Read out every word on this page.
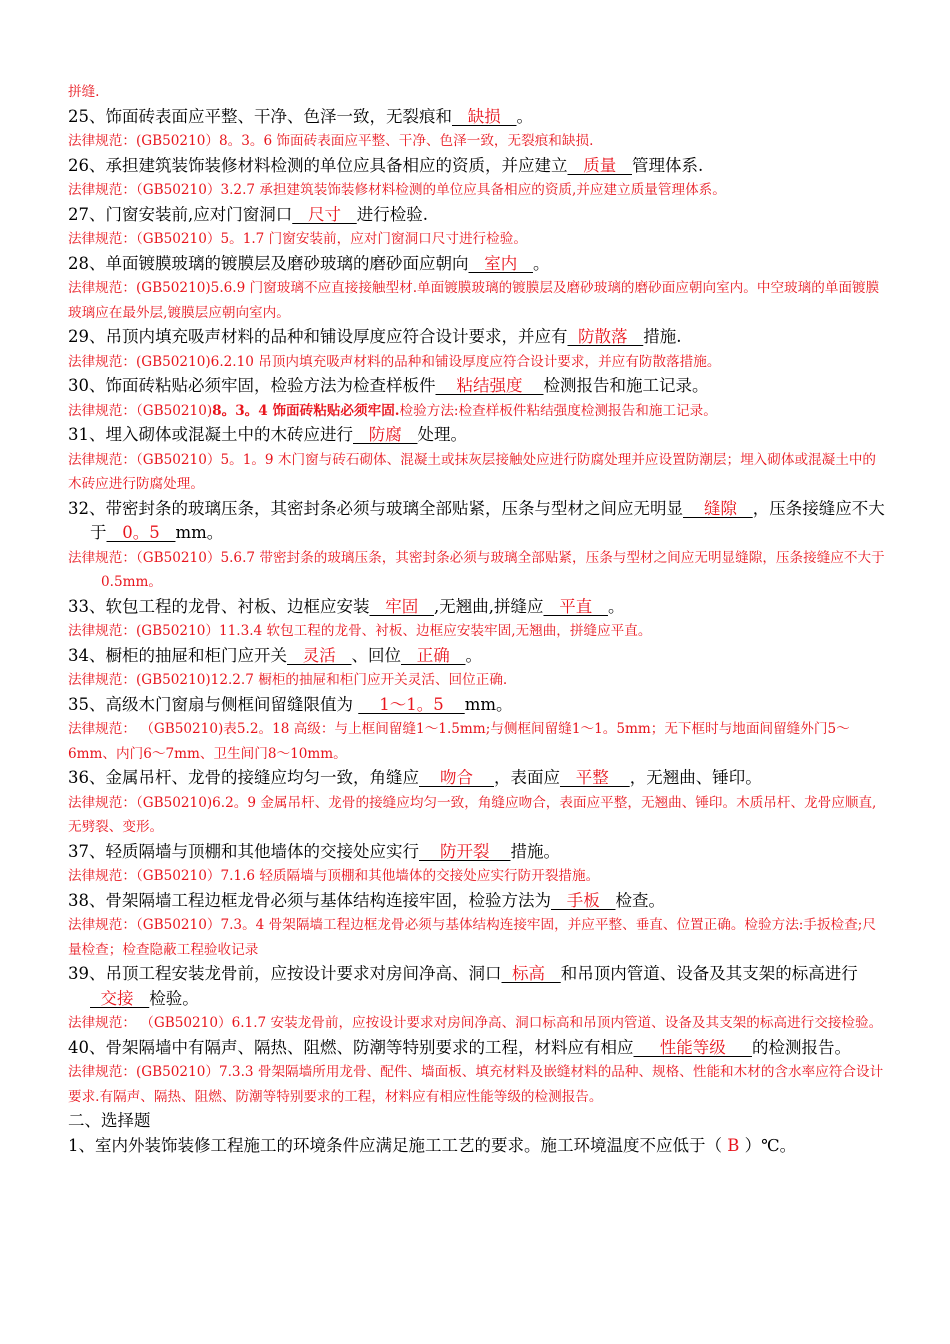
拼缝.

25、饰面砖表面应平整、干净、色泽一致，无裂痕和   缺损   。

法律规范：(GB50210）8。3。6 饰面砖表面应平整、干净、色泽一致，无裂痕和缺损.

26、承担建筑装饰装修材料检测的单位应具备相应的资质，并应建立   质量   管理体系.

法律规范：（GB50210）3.2.7 承担建筑装饰装修材料检测的单位应具备相应的资质,并应建立质量管理体系。

27、门窗安装前,应对门窗洞口   尺寸   进行检验.

法律规范：（GB50210）5。1.7 门窗安装前，应对门窗洞口尺寸进行检验。

28、单面镀膜玻璃的镀膜层及磨砂玻璃的磨砂面应朝向   室内   。

法律规范：(GB50210)5.6.9 门窗玻璃不应直接接触型材.单面镀膜玻璃的镀膜层及磨砂玻璃的磨砂面应朝向室内。中空玻璃的单面镀膜玻璃应在最外层,镀膜层应朝向室内。

29、吊顶内填充吸声材料的品种和铺设厚度应符合设计要求，并应有  防散落   措施.

法律规范：(GB50210)6.2.10 吊顶内填充吸声材料的品种和铺设厚度应符合设计要求，并应有防散落措施。

30、饰面砖粘贴必须牢固，检验方法为检查样板件    粘结强度    检测报告和施工记录。

法律规范：（GB50210)8。3。4 饰面砖粘贴必须牢固.检验方法:检查样板件粘结强度检测报告和施工记录。

31、埋入砌体或混凝土中的木砖应进行   防腐   处理。

法律规范：（GB50210）5。1。9 木门窗与砖石砌体、混凝土或抹灰层接触处应进行防腐处理并应设置防潮层；埋入砌体或混凝土中的木砖应进行防腐处理。

32、带密封条的玻璃压条，其密封条必须与玻璃全部贴紧，压条与型材之间应无明显    缝隙   ，压条接缝应不大于   0。5   mm。

法律规范：（GB50210）5.6.7 带密封条的玻璃压条，其密封条必须与玻璃全部贴紧，压条与型材之间应无明显缝隙，压条接缝应不大于0.5mm。

33、软包工程的龙骨、衬板、边框应安装   牢固   ,无翘曲,拼缝应   平直   。

法律规范：(GB50210）11.3.4 软包工程的龙骨、衬板、边框应安装牢固,无翘曲，拼缝应平直。

34、橱柜的抽屉和柜门应开关   灵活   、回位   正确   。

法律规范：(GB50210)12.2.7 橱柜的抽屉和柜门应开关灵活、回位正确.

35、高级木门窗扇与侧框间留缝限值为     1～1。5    mm。

法律规范： （GB50210)表5.2。18 高级：与上框间留缝1～1.5mm;与侧框间留缝1～1。5mm；无下框时与地面间留缝外门5～6mm、内门6～7mm、卫生间门8～10mm。

36、金属吊杆、龙骨的接缝应均匀一致，角缝应    吻合    ，表面应   平整    ，无翘曲、锤印。

法律规范：（GB50210)6.2。9 金属吊杆、龙骨的接缝应均匀一致，角缝应吻合，表面应平整，无翘曲、锤印。木质吊杆、龙骨应顺直,无劈裂、变形。

37、轻质隔墙与顶棚和其他墙体的交接处应实行    防开裂    措施。

法律规范：（GB50210）7.1.6 轻质隔墙与顶棚和其他墙体的交接处应实行防开裂措施。

38、骨架隔墙工程边框龙骨必须与基体结构连接牢固，检验方法为   手板   检查。

法律规范：（GB50210）7.3。4 骨架隔墙工程边框龙骨必须与基体结构连接牢固，并应平整、垂直、位置正确。检验方法:手扳检查;尺量检查；检查隐蔽工程验收记录

39、吊顶工程安装龙骨前，应按设计要求对房间净高、洞口  标高   和吊顶内管道、设备及其支架的标高进行  交接   检验。

法律规范： （GB50210）6.1.7 安装龙骨前，应按设计要求对房间净高、洞口标高和吊顶内管道、设备及其支架的标高进行交接检验。

40、骨架隔墙中有隔声、隔热、阻燃、防潮等特别要求的工程，材料应有相应     性能等级     的检测报告。

法律规范：(GB50210）7.3.3 骨架隔墙所用龙骨、配件、墙面板、填充材料及嵌缝材料的品种、规格、性能和木材的含水率应符合设计要求.有隔声、隔热、阻燃、防潮等特别要求的工程，材料应有相应性能等级的检测报告。

二、选择题

1、室内外装饰装修工程施工的环境条件应满足施工工艺的要求。施工环境温度不应低于（ B ）℃。
